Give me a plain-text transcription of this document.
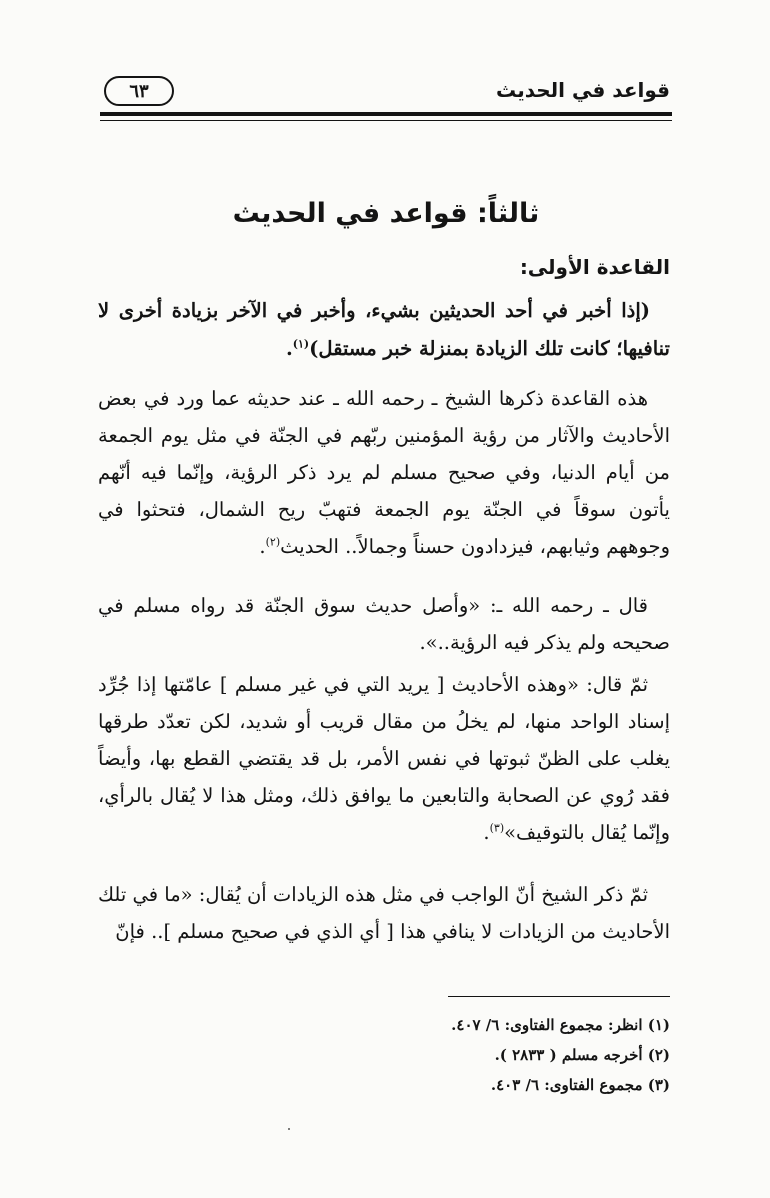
قواعد في الحديث
٦٣
ثالثاً: قواعد في الحديث
القاعدة الأولى:
(إذا أخبر في أحد الحديثين بشيء، وأخبر في الآخر بزيادة أخرى لا تنافيها؛ كانت تلك الزيادة بمنزلة خبر مستقل)$^{(١)}$.
هذه القاعدة ذكرها الشيخ ـ رحمه الله ـ عند حديثه عما ورد في بعض الأحاديث والآثار من رؤية المؤمنين ربّهم في الجنّة في مثل يوم الجمعة من أيام الدنيا، وفي صحيح مسلم لم يرد ذكر الرؤية، وإنّما فيه أنّهم يأتون سوقاً في الجنّة يوم الجمعة فتهبّ ريح الشمال، فتحثوا في وجوههم وثيابهم، فيزدادون حسناً وجمالاً.. الحديث$^{(٢)}$.
قال ـ رحمه الله ـ: «وأصل حديث سوق الجنّة قد رواه مسلم في صحيحه ولم يذكر فيه الرؤية..».
ثمّ قال: «وهذه الأحاديث [ يريد التي في غير مسلم ] عامّتها إذا جُرِّد إسناد الواحد منها، لم يخلُ من مقال قريب أو شديد، لكن تعدّد طرقها يغلب على الظنّ ثبوتها في نفس الأمر، بل قد يقتضي القطع بها، وأيضاً فقد رُوي عن الصحابة والتابعين ما يوافق ذلك، ومثل هذا لا يُقال بالرأي، وإنّما يُقال بالتوقيف»$^{(٣)}$.
ثمّ ذكر الشيخ أنّ الواجب في مثل هذه الزيادات أن يُقال: «ما في تلك الأحاديث من الزيادات لا ينافي هذا [ أي الذي في صحيح مسلم ].. فإنّ
(١) انظر: مجموع الفتاوى: ٦/ ٤٠٧.
(٢) أخرجه مسلم ( ٢٨٣٣ ).
(٣) مجموع الفتاوى: ٦/ ٤٠٣.
